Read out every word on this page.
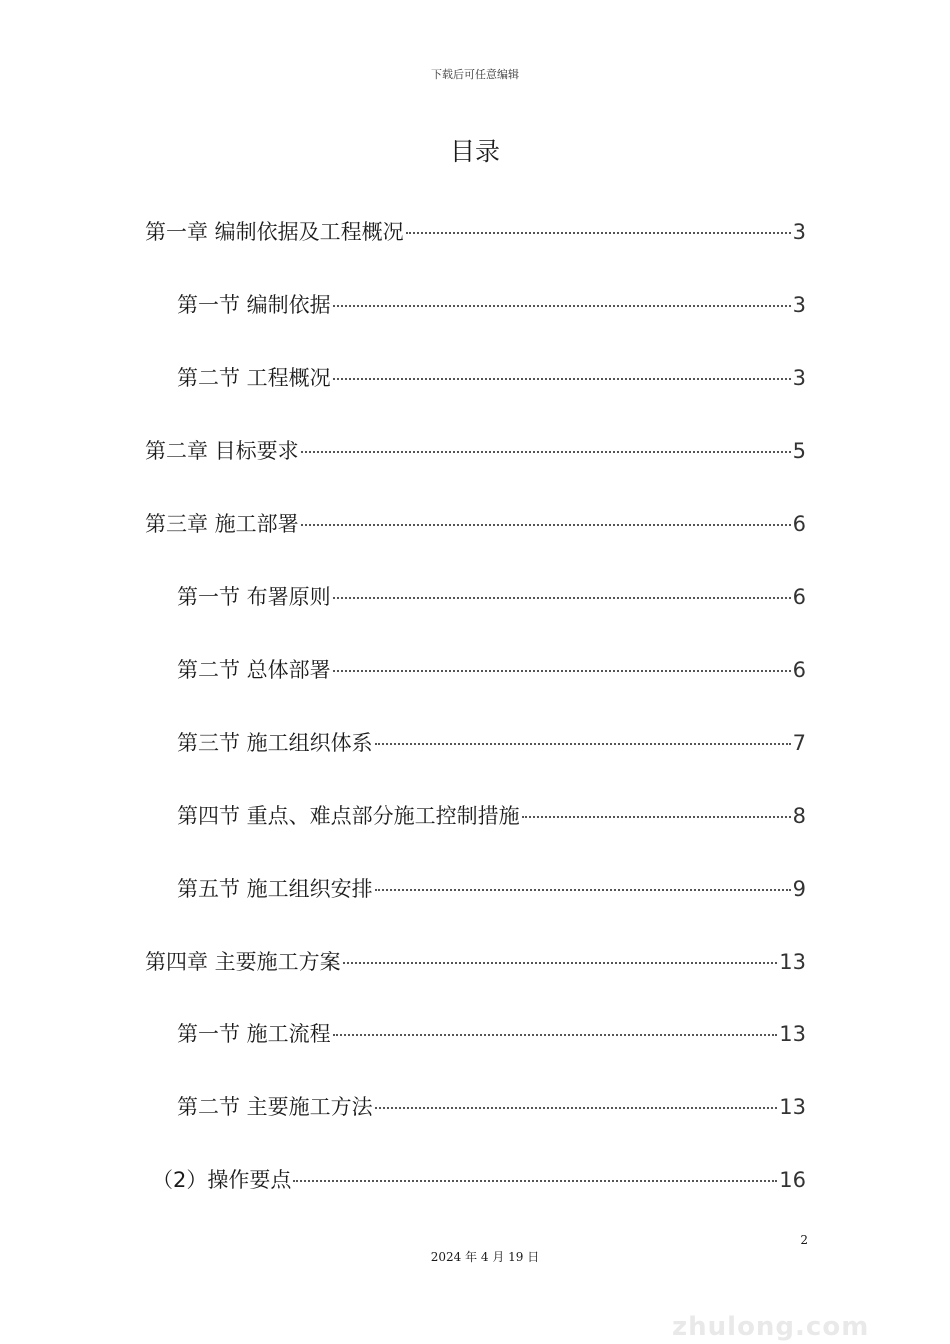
下载后可任意编辑
目录
第一章 编制依据及工程概况	3
第一节 编制依据	3
第二节 工程概况	3
第二章 目标要求	5
第三章 施工部署	6
第一节 布署原则	6
第二节 总体部署	6
第三节 施工组织体系	7
第四节 重点、难点部分施工控制措施	8
第五节 施工组织安排	9
第四章 主要施工方案	13
第一节 施工流程	13
第二节 主要施工方法	13
（2）操作要点	16
2
2024 年 4 月 19 日
zhulong.com
